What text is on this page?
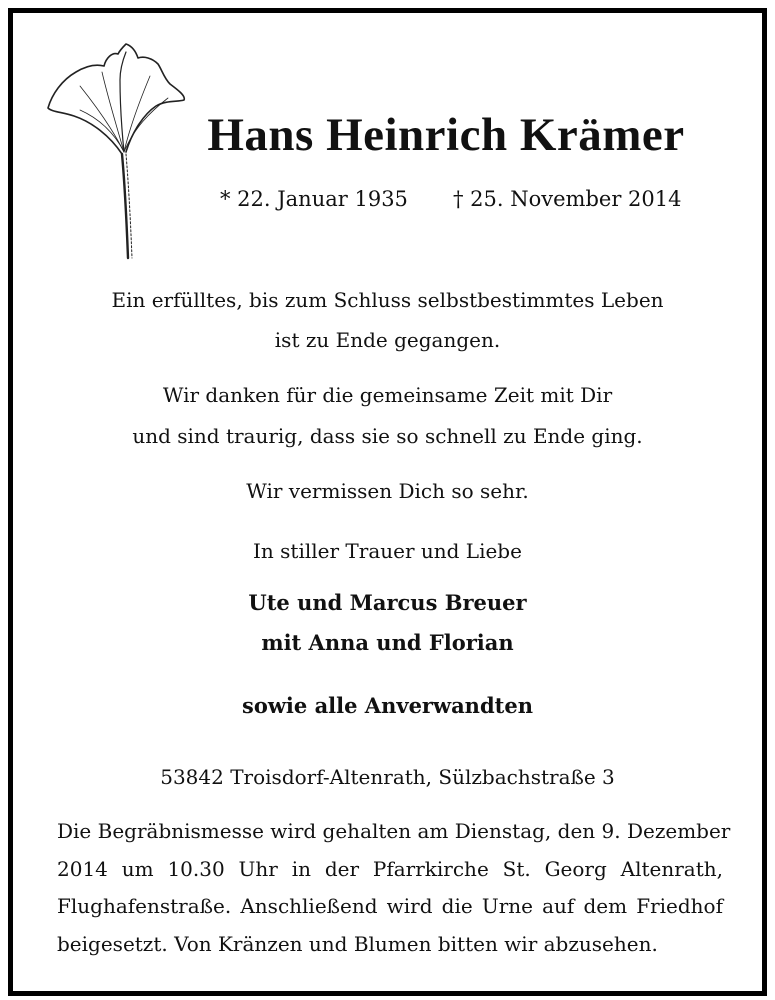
Hans Heinrich Krämer
* 22. Januar 1935 † 25. November 2014
Ein erfülltes, bis zum Schluss selbstbestimmtes Leben
ist zu Ende gegangen.
Wir danken für die gemeinsame Zeit mit Dir
und sind traurig, dass sie so schnell zu Ende ging.
Wir vermissen Dich so sehr.
In stiller Trauer und Liebe
Ute und Marcus Breuer
mit Anna und Florian
sowie alle Anverwandten
53842 Troisdorf-Altenrath, Sülzbachstraße 3
Die Begräbnismesse wird gehalten am Dienstag, den 9. Dezember
2014 um 10.30 Uhr in der Pfarrkirche St. Georg Altenrath,
Flughafenstraße. Anschließend wird die Urne auf dem Friedhof
beigesetzt. Von Kränzen und Blumen bitten wir abzusehen.
